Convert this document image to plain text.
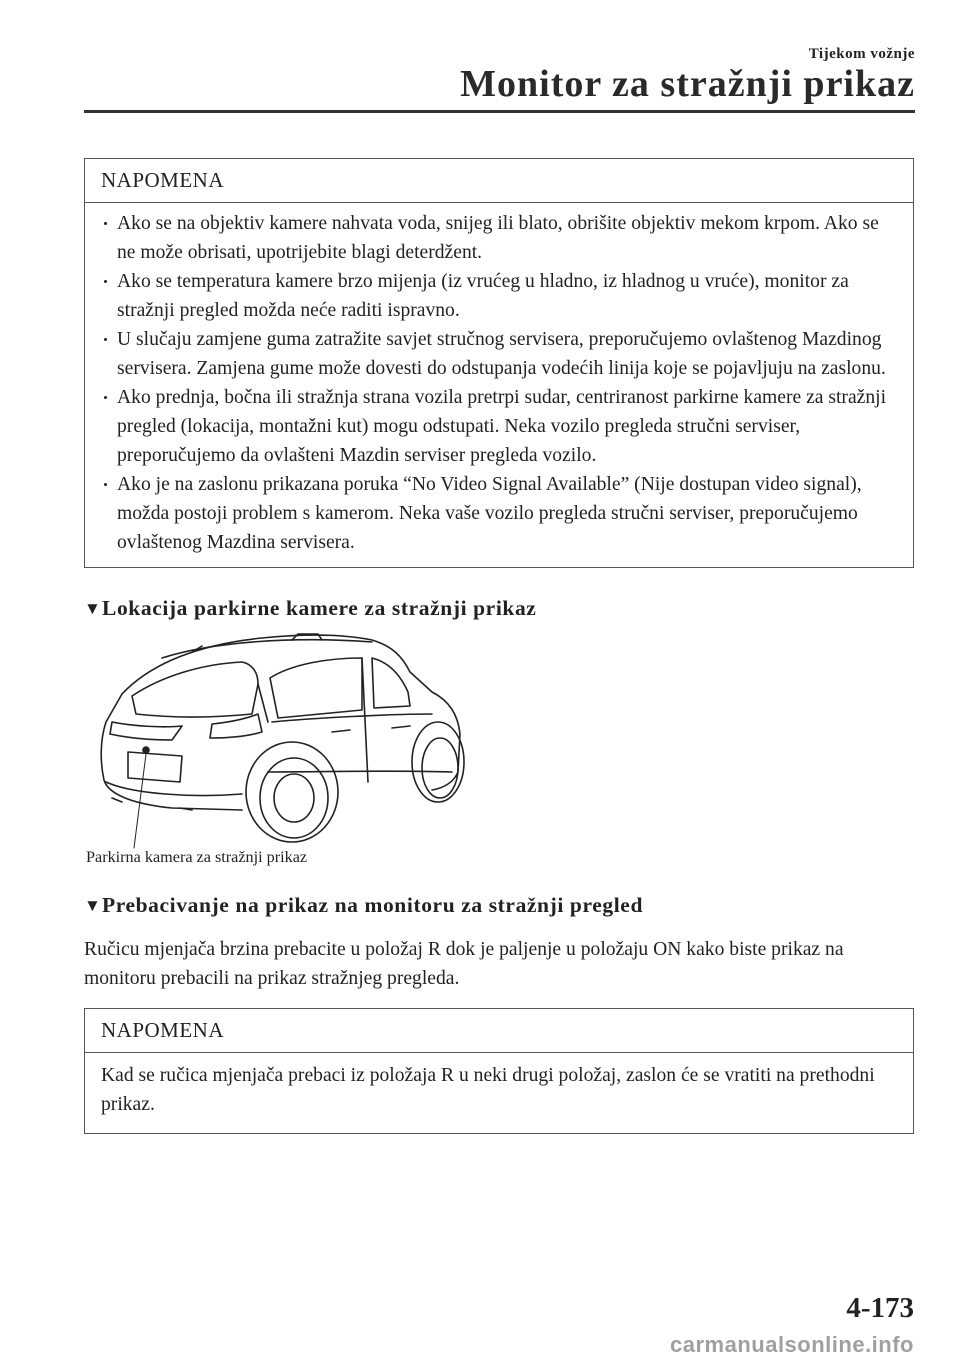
Tijekom vožnje
Monitor za stražnji prikaz
NAPOMENA
Ako se na objektiv kamere nahvata voda, snijeg ili blato, obrišite objektiv mekom krpom. Ako se ne može obrisati, upotrijebite blagi deterdžent.
Ako se temperatura kamere brzo mijenja (iz vrućeg u hladno, iz hladnog u vruće), monitor za stražnji pregled možda neće raditi ispravno.
U slučaju zamjene guma zatražite savjet stručnog servisera, preporučujemo ovlaštenog Mazdinog servisera. Zamjena gume može dovesti do odstupanja vodećih linija koje se pojavljuju na zaslonu.
Ako prednja, bočna ili stražnja strana vozila pretrpi sudar, centriranost parkirne kamere za stražnji pregled (lokacija, montažni kut) mogu odstupati. Neka vozilo pregleda stručni serviser, preporučujemo da ovlašteni Mazdin serviser pregleda vozilo.
Ako je na zaslonu prikazana poruka “No Video Signal Available” (Nije dostupan video signal), možda postoji problem s kamerom. Neka vaše vozilo pregleda stručni serviser, preporučujemo ovlaštenog Mazdina servisera.
▼Lokacija parkirne kamere za stražnji prikaz
Parkirna kamera za stražnji prikaz
▼Prebacivanje na prikaz na monitoru za stražnji pregled
Ručicu mjenjača brzina prebacite u položaj R dok je paljenje u položaju ON kako biste prikaz na monitoru prebacili na prikaz stražnjeg pregleda.
NAPOMENA
Kad se ručica mjenjača prebaci iz položaja R u neki drugi položaj, zaslon će se vratiti na prethodni prikaz.
4-173
carmanualsonline.info
